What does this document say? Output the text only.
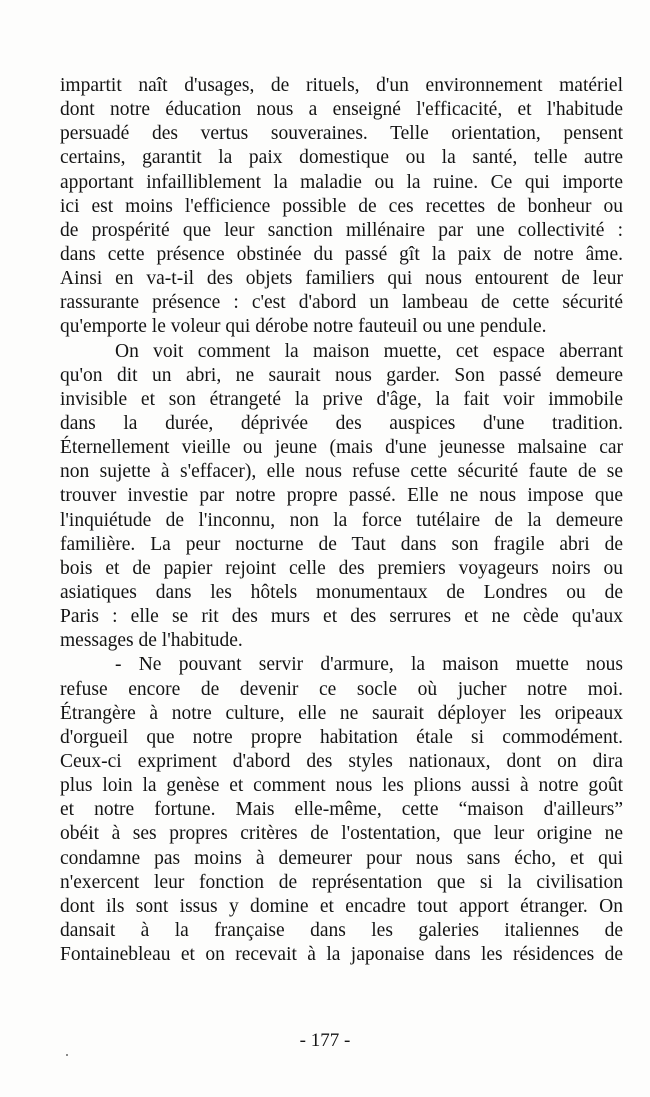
impartit naît d'usages, de rituels, d'un environnement matériel
dont notre éducation nous a enseigné l'efficacité, et l'habitude
persuadé des vertus souveraines. Telle orientation, pensent
certains, garantit la paix domestique ou la santé, telle autre
apportant infailliblement la maladie ou la ruine. Ce qui importe
ici est moins l'efficience possible de ces recettes de bonheur ou
de prospérité que leur sanction millénaire par une collectivité :
dans cette présence obstinée du passé gît la paix de notre âme.
Ainsi en va-t-il des objets familiers qui nous entourent de leur
rassurante présence : c'est d'abord un lambeau de cette sécurité
qu'emporte le voleur qui dérobe notre fauteuil ou une pendule.
On voit comment la maison muette, cet espace aberrant
qu'on dit un abri, ne saurait nous garder. Son passé demeure
invisible et son étrangeté la prive d'âge, la fait voir immobile
dans la durée, déprivée des auspices d'une tradition.
Éternellement vieille ou jeune (mais d'une jeunesse malsaine car
non sujette à s'effacer), elle nous refuse cette sécurité faute de se
trouver investie par notre propre passé. Elle ne nous impose que
l'inquiétude de l'inconnu, non la force tutélaire de la demeure
familière. La peur nocturne de Taut dans son fragile abri de
bois et de papier rejoint celle des premiers voyageurs noirs ou
asiatiques dans les hôtels monumentaux de Londres ou de
Paris : elle se rit des murs et des serrures et ne cède qu'aux
messages de l'habitude.
- Ne pouvant servir d'armure, la maison muette nous
refuse encore de devenir ce socle où jucher notre moi.
Étrangère à notre culture, elle ne saurait déployer les oripeaux
d'orgueil que notre propre habitation étale si commodément.
Ceux-ci expriment d'abord des styles nationaux, dont on dira
plus loin la genèse et comment nous les plions aussi à notre goût
et notre fortune. Mais elle-même, cette “maison d'ailleurs”
obéit à ses propres critères de l'ostentation, que leur origine ne
condamne pas moins à demeurer pour nous sans écho, et qui
n'exercent leur fonction de représentation que si la civilisation
dont ils sont issus y domine et encadre tout apport étranger. On
dansait à la française dans les galeries italiennes de
Fontainebleau et on recevait à la japonaise dans les résidences de
- 177 -
